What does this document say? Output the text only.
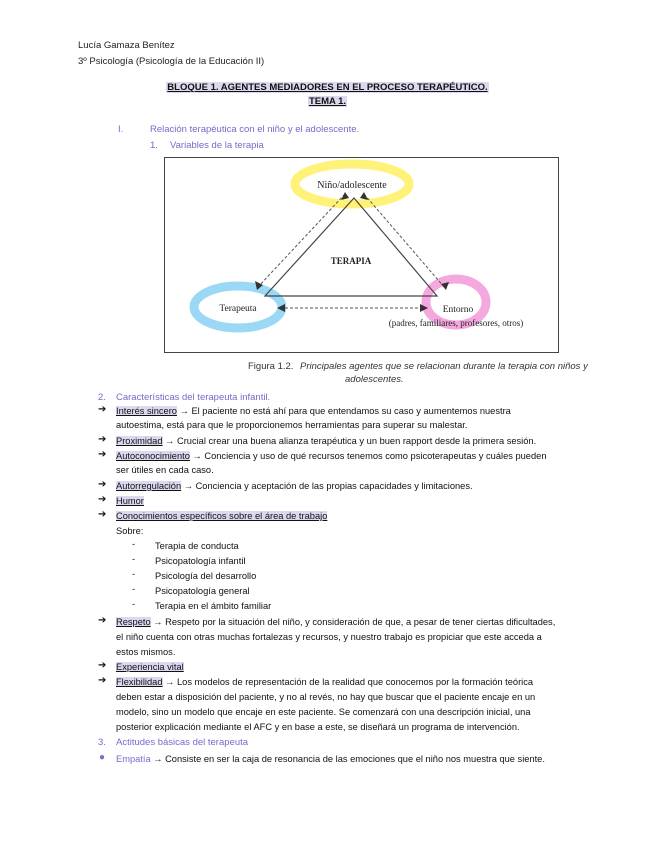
Lucía Gamaza Benítez
3º Psicología (Psicología de la Educación II)
BLOQUE 1. AGENTES MEDIADORES EN EL PROCESO TERAPÉUTICO.
TEMA 1.
I.	Relación terapéutica con el niño y el adolescente.
1. Variables de la terapia
Niño/adolescente
TERAPIA
Terapeuta	Entorno
(padres, familiares, profesores, otros)
Figura 1.2. Principales agentes que se relacionan durante la terapia con niños y
adolescentes.
2. Características del terapeuta infantil.
➔ Interés sincero → El paciente no está ahí para que entendamos su caso y aumentemos nuestra
autoestima, está para que le proporcionemos herramientas para superar su malestar.
➔ Proximidad → Crucial crear una buena alianza terapéutica y un buen rapport desde la primera sesión.
➔ Autoconocimiento → Conciencia y uso de qué recursos tenemos como psicoterapeutas y cuáles pueden
ser útiles en cada caso.
➔ Autorregulación → Conciencia y aceptación de las propias capacidades y limitaciones.
➔ Humor
➔ Conocimientos específicos sobre el área de trabajo
Sobre:
- Terapia de conducta
- Psicopatología infantil
- Psicología del desarrollo
- Psicopatología general
- Terapia en el ámbito familiar
➔ Respeto → Respeto por la situación del niño, y consideración de que, a pesar de tener ciertas dificultades,
el niño cuenta con otras muchas fortalezas y recursos, y nuestro trabajo es propiciar que este acceda a
estos mismos.
➔ Experiencia vital
➔ Flexibilidad → Los modelos de representación de la realidad que conocemos por la formación teórica
deben estar a disposición del paciente, y no al revés, no hay que buscar que el paciente encaje en un
modelo, sino un modelo que encaje en este paciente. Se comenzará con una descripción inicial, una
posterior explicación mediante el AFC y en base a este, se diseñará un programa de intervención.
3. Actitudes básicas del terapeuta
● Empatía → Consiste en ser la caja de resonancia de las emociones que el niño nos muestra que siente.
